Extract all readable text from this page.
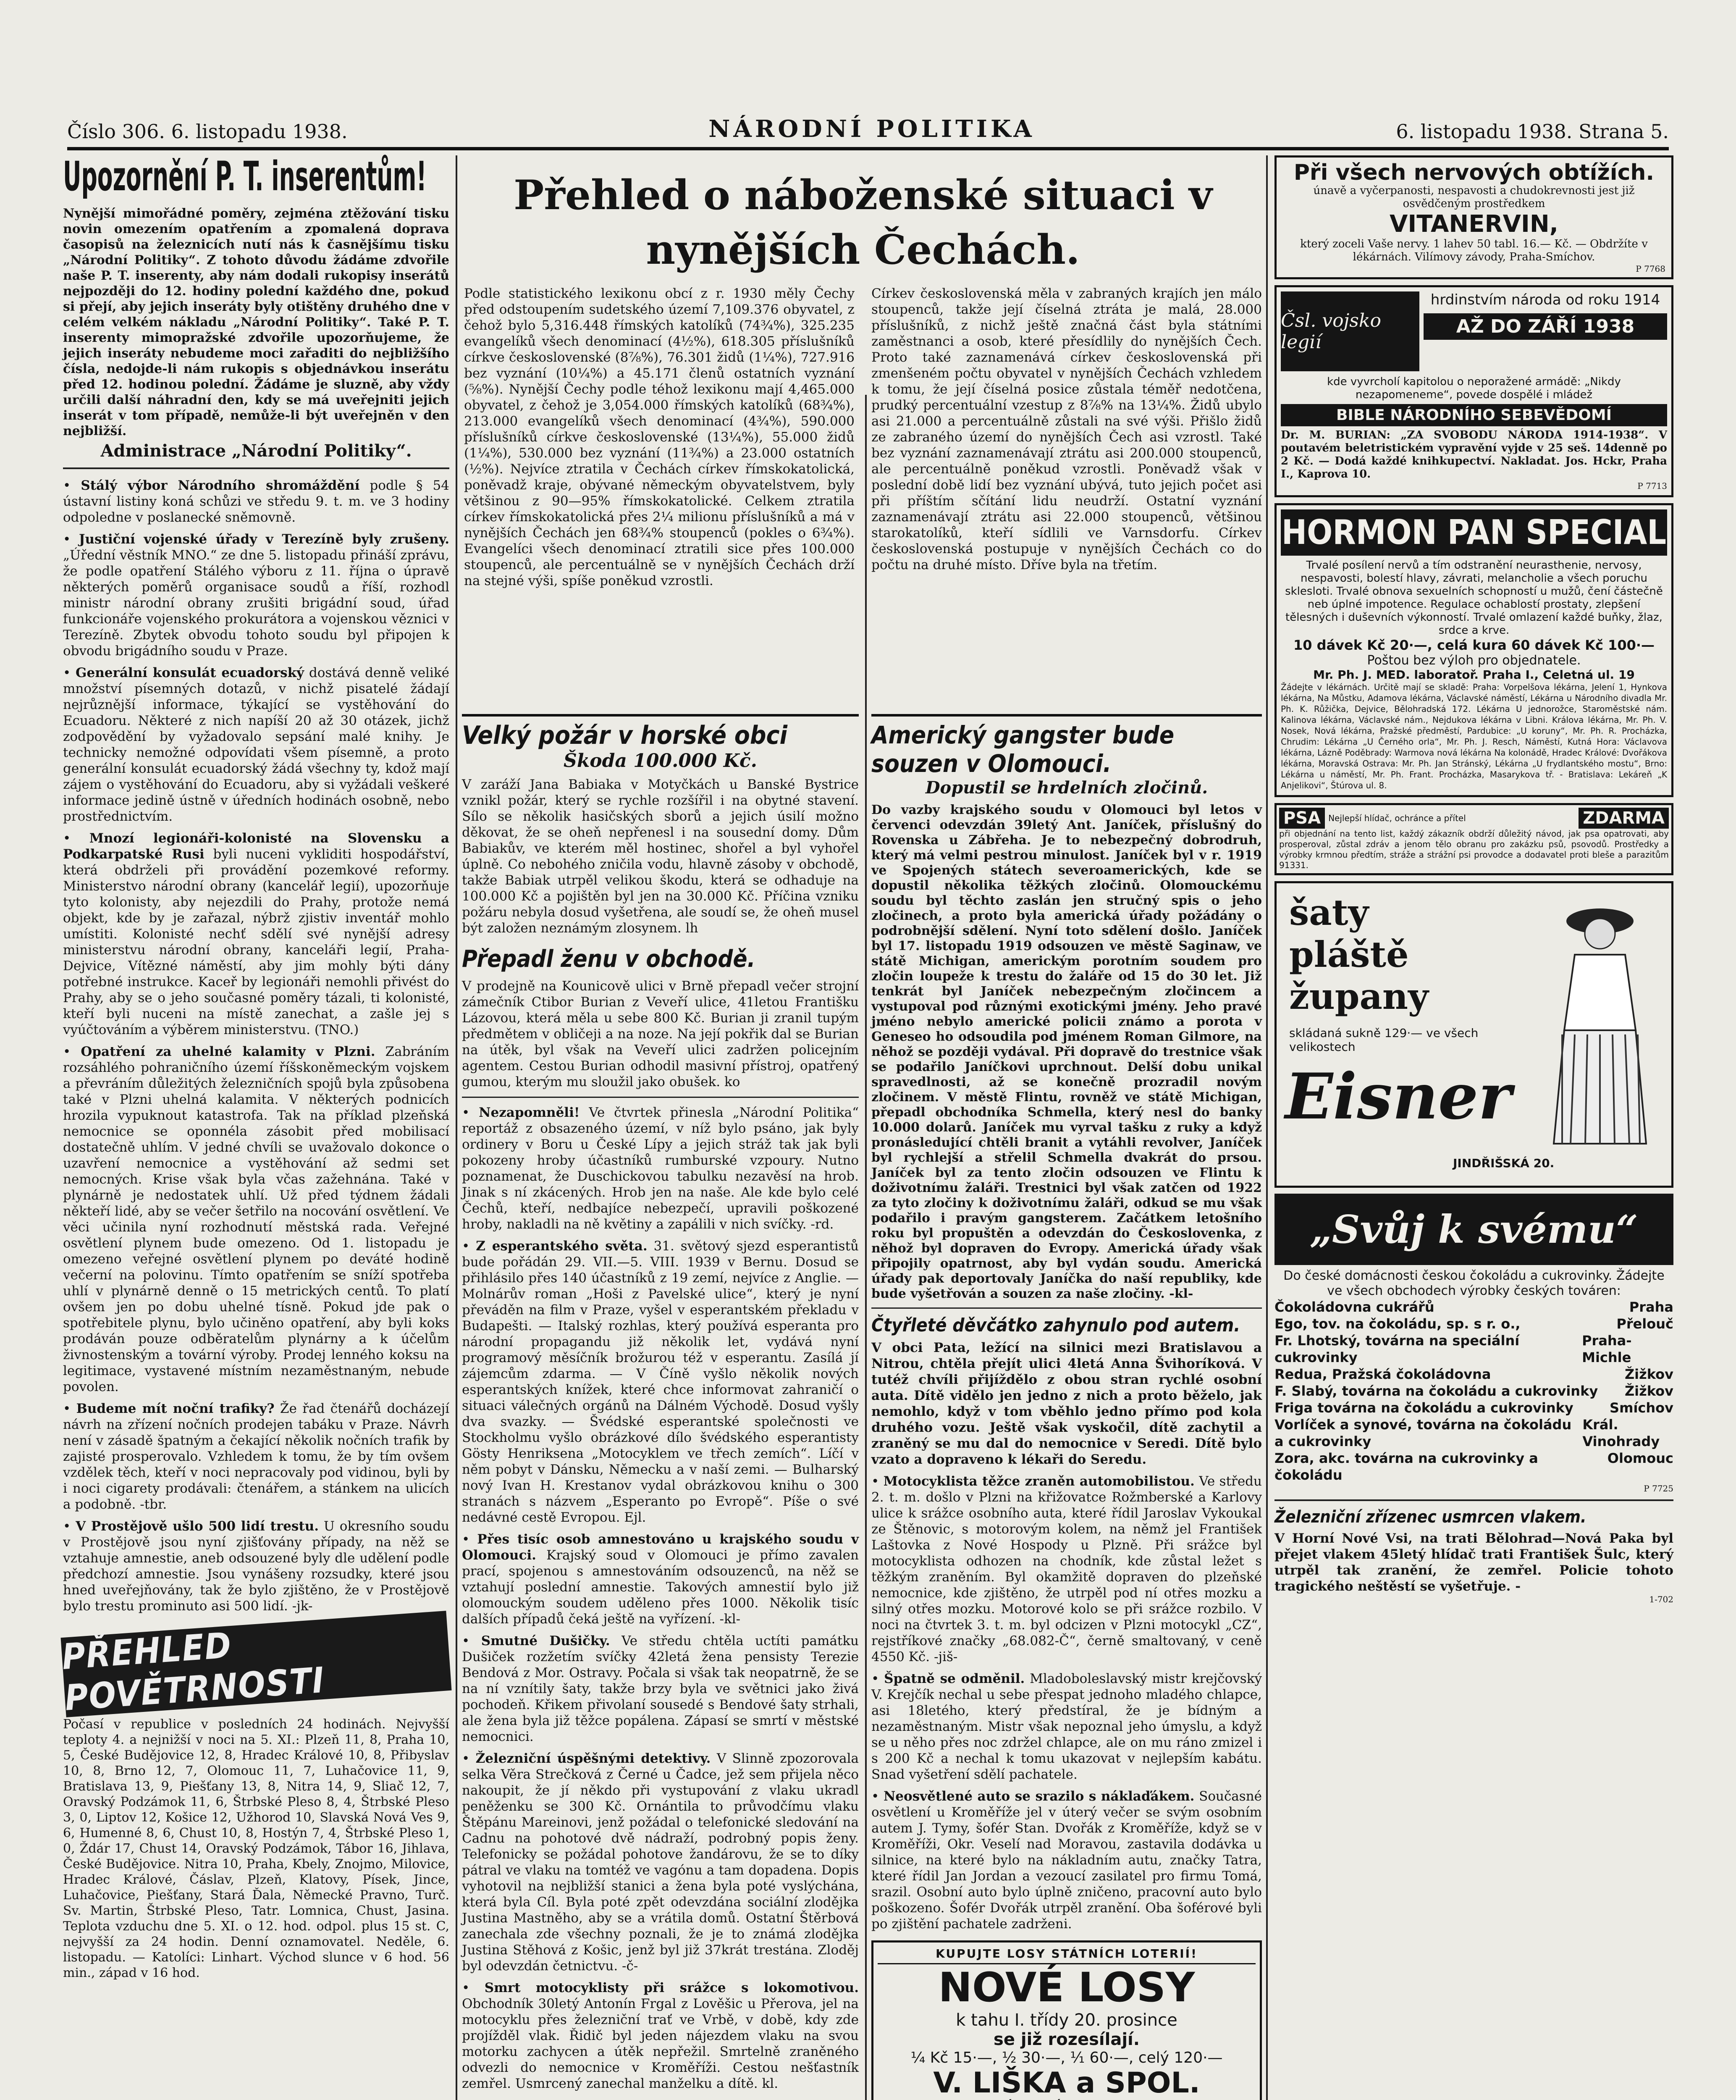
Číslo 306. 6. listopadu 1938.	NÁRODNÍ POLITIKA	6. listopadu 1938. Strana 5.
Upozornění P. T. inserentům!

Nynější mimořádné poměry, zejména ztěžování tisku novin omezením opatřením a zpomalená doprava časopisů na železnicích nutí nás k časnějšímu tisku „Národní Politiky“. Z tohoto důvodu žádáme zdvořile naše P. T. inserenty, aby nám dodali rukopisy inserátů nejpozději do 12. hodiny polední každého dne, pokud si přejí, aby jejich inseráty byly otištěny druhého dne v celém velkém nákladu „Národní Politiky“. Také P. T. inserenty mimopražské zdvořile upozorňujeme, že jejich inseráty nebudeme moci zařaditi do nejbližšího čísla, nedojde-li nám rukopis s objednávkou inserátu před 12. hodinou polední. Žádáme je sluzně, aby vždy určili další náhradní den, kdy se má uveřejniti jejich inserát v tom případě, nemůže-li být uveřejněn v den nejbližší.

Administrace „Národní Politiky“.

• Stálý výbor Národního shromáždění podle § 54 ústavní listiny koná schůzi ve středu 9. t. m. ve 3 hodiny odpoledne v poslanecké sněmovně.

• Justiční vojenské úřady v Terezíně byly zrušeny. „Úřední věstník MNO.“ ze dne 5. listopadu přináší zprávu, že podle opatření Stálého výboru z 11. října o úpravě některých poměrů organisace soudů a říší, rozhodl ministr národní obrany zrušiti brigádní soud, úřad funkcionáře vojenského prokurátora a vojenskou věznici v Terezíně. Zbytek obvodu tohoto soudu byl připojen k obvodu brigádního soudu v Praze.

• Generální konsulát ecuadorský dostává denně veliké množství písemných dotazů, v nichž pisatelé žádají nejrůznější informace, týkající se vystěhování do Ecuadoru. Některé z nich napíší 20 až 30 otázek, jichž zodpovědění by vyžadovalo sepsání malé knihy. Je technicky nemožné odpovídati všem písemně, a proto generální konsulát ecuadorský žádá všechny ty, kdož mají zájem o vystěhování do Ecuadoru, aby si vyžádali veškeré informace jedině ústně v úředních hodinách osobně, nebo prostřednictvím.

• Mnozí legionáři-kolonisté na Slovensku a Podkarpatské Rusi byli nuceni vykliditi hospodářství, která obdrželi při provádění pozemkové reformy. Ministerstvo národní obrany (kancelář legií), upozorňuje tyto kolonisty, aby nejezdili do Prahy, protože nemá objekt, kde by je zařazal, nýbrž zjistiv inventář mohlo umístiti. Kolonisté nechť sdělí své nynější adresy ministerstvu národní obrany, kanceláři legií, Praha-Dejvice, Vítězné náměstí, aby jim mohly býti dány potřebné instrukce. Kaceř by legionáři nemohli přivést do Prahy, aby se o jeho současné poměry tázali, ti kolonisté, kteří byli nuceni na místě zanechat, a zašle jej s vyúčtováním a výběrem ministerstvu. (TNO.)

• Opatření za uhelné kalamity v Plzni. Zabráním rozsáhlého pohraničního území říšskoněmeckým vojskem a převráním důležitých železničních spojů byla způsobena také v Plzni uhelná kalamita. V některých podnicích hrozila vypuknout katastrofa. Tak na příklad plzeňská nemocnice se oponnéla zásobit před mobilisací dostatečně uhlím. V jedné chvíli se uvažovalo dokonce o uzavření nemocnice a vystěhování až sedmi set nemocných. Krise však byla včas zažehnána. Také v plynárně je nedostatek uhlí. Už před týdnem žádali někteří lidé, aby se večer šetřilo na nocování osvětlení. Ve věci učinila nyní rozhodnutí městská rada. Veřejné osvětlení plynem bude omezeno. Od 1. listopadu je omezeno veřejné osvětlení plynem po deváté hodině večerní na polovinu. Tímto opatřením se sníží spotřeba uhlí v plynárně denně o 15 metrických centů. To platí ovšem jen po dobu uhelné tísně. Pokud jde pak o spotřebitele plynu, bylo učiněno opatření, aby byli koks prodáván pouze odběratelům plynárny a k účelům živnostenským a tovární výroby. Prodej lenného koksu na legitimace, vystavené místním nezaměstnaným, nebude povolen.

• Budeme mít noční trafiky? Že řad čtenářů docházejí návrh na zřízení nočních prodejen tabáku v Praze. Návrh není v zásadě špatným a čekající několik nočních trafik by zajisté prosperovalo. Vzhledem k tomu, že by tím ovšem vzdělek těch, kteří v noci nepracovaly pod vidinou, byli by i noci cigarety prodávali: čtenářem, a stánkem na ulicích a podobně. -tbr.

• V Prostějově ušlo 500 lidí trestu. U okresního soudu v Prostějově jsou nyní zjišťovány případy, na něž se vztahuje amnestie, aneb odsouzené byly dle udělení podle předchozí amnestie. Jsou vynášeny rozsudky, které jsou hned uveřejňovány, tak že bylo zjištěno, že v Prostějově bylo trestu prominuto asi 500 lidí. -jk-

PŘEHLED POVĚTRNOSTI

Počasí v republice v posledních 24 hodinách. Nejvyšší teploty 4. a nejnižší v noci na 5. XI.: Plzeň 11, 8, Praha 10, 5, České Budějovice 12, 8, Hradec Králové 10, 8, Přibyslav 10, 8, Brno 12, 7, Olomouc 11, 7, Luhačovice 11, 9, Bratislava 13, 9, Piešťany 13, 8, Nitra 14, 9, Sliač 12, 7, Oravský Podzámok 11, 6, Štrbské Pleso 8, 4, Štrbské Pleso 3, 0, Liptov 12, Košice 12, Užhorod 10, Slavská Nová Ves 9, 6, Humenné 8, 6, Chust 10, 8, Hostýn 7, 4, Štrbské Pleso 1, 0, Ždár 17, Chust 14, Oravský Podzámok, Tábor 16, Jihlava, České Budějovice. Nitra 10, Praha, Kbely, Znojmo, Milovice, Hradec Králové, Čáslav, Plzeň, Klatovy, Písek, Jince, Luhačovice, Piešťany, Stará Ďala, Německé Pravno, Turč. Sv. Martin, Štrbské Pleso, Tatr. Lomnica, Chust, Jasina. Teplota vzduchu dne 5. XI. o 12. hod. odpol. plus 15 st. C, nejvyšší za 24 hodin. Denní oznamovatel. Neděle, 6. listopadu. — Katolíci: Linhart. Východ slunce v 6 hod. 56 min., západ v 16 hod.

Přehled o náboženské situaci v nynějších Čechách.

Podle statistického lexikonu obcí z r. 1930 měly Čechy před odstoupením sudetského území 7,109.376 obyvatel, z čehož bylo 5,316.448 římských katolíků (74¾%), 325.235 evangelíků všech denominací (4½%), 618.305 příslušníků církve československé (8⅞%), 76.301 židů (1¼%), 727.916 bez vyznání (10¼%) a 45.171 členů ostatních vyznání (⅝%). Nynější Čechy podle téhož lexikonu mají 4,465.000 obyvatel, z čehož je 3,054.000 římských katolíků (68¾%), 213.000 evangelíků všech denominací (4¾%), 590.000 příslušníků církve československé (13¼%), 55.000 židů (1¼%), 530.000 bez vyznání (11¾%) a 23.000 ostatních (½%). Nejvíce ztratila v Čechách církev římskokatolická, poněvadž kraje, obývané německým obyvatelstvem, byly většinou z 90—95% římskokatolické. Celkem ztratila církev římskokatolická přes 2¼ milionu příslušníků a má v nynějších Čechách jen 68¾% stoupenců (pokles o 6¾%). Evangelíci všech denominací ztratili sice přes 100.000 stoupenců, ale percentuálně se v nynějších Čechách drží na stejné výši, spíše poněkud vzrostli.

Církev československá měla v zabraných krajích jen málo stoupenců, takže její číselná ztráta je malá, 28.000 příslušníků, z nichž ještě značná část byla státními zaměstnanci a osob, které přesídlily do nynějších Čech. Proto také zaznamenává církev československá při zmenšeném počtu obyvatel v nynějších Čechách vzhledem k tomu, že její číselná posice zůstala téměř nedotčena, prudký percentuální vzestup z 8⅞% na 13¼%. Židů ubylo asi 21.000 a percentuálně zůstali na své výši. Přišlo židů ze zabraného území do nynějších Čech asi vzrostl. Také bez vyznání zaznamenávají ztrátu asi 200.000 stoupenců, ale percentuálně poněkud vzrostli. Poněvadž však v poslední době lidí bez vyznání ubývá, tuto jejich počet asi při příštím sčítání lidu neudrží. Ostatní vyznání zaznamenávají ztrátu asi 22.000 stoupenců, většinou starokatolíků, kteří sídlili ve Varnsdorfu. Církev československá postupuje v nynějších Čechách co do počtu na druhé místo. Dříve byla na třetím.

Velký požár v horské obci
Škoda 100.000 Kč.

V zaráží Jana Babiaka v Motyčkách u Banské Bystrice vznikl požár, který se rychle rozšířil i na obytné stavení. Sílo se několik hasičských sborů a jejich úsilí možno děkovat, že se oheň nepřenesl i na sousední domy. Dům Babiakův, ve kterém měl hostinec, shořel a byl vyhořel úplně. Co nebohého zničila vodu, hlavně zásoby v obchodě, takže Babiak utrpěl velikou škodu, která se odhaduje na 100.000 Kč a pojištěn byl jen na 30.000 Kč. Příčina vzniku požáru nebyla dosud vyšetřena, ale soudí se, že oheň musel být založen neznámým zlosynem. lh

Přepadl ženu v obchodě.

V prodejně na Kounicově ulici v Brně přepadl večer strojní zámečník Ctibor Burian z Veveří ulice, 41letou Františku Lázovou, která měla u sebe 800 Kč. Burian ji zranil tupým předmětem v obličeji a na noze. Na její pokřik dal se Burian na útěk, byl však na Veveří ulici zadržen policejním agentem. Cestou Burian odhodil masivní přístroj, opatřený gumou, kterým mu sloužil jako obušek. ko

• Nezapomněli! Ve čtvrtek přinesla „Národní Politika“ reportáž z obsazeného území, v níž bylo psáno, jak byly ordinery v Boru u České Lípy a jejich stráž tak jak byli pokozeny hroby účastníků rumburské vzpoury. Nutno poznamenat, že Duschickovou tabulku nezavěsí na hrob. Jinak s ní zkácených. Hrob jen na naše. Ale kde bylo celé Čechů, kteří, nedbajíce nebezpečí, upravili poškozené hroby, nakladli na ně květiny a zapálili v nich svíčky. -rd.

• Z esperantského světa. 31. světový sjezd esperantistů bude pořádán 29. VII.—5. VIII. 1939 v Bernu. Dosud se přihlásilo přes 140 účastníků z 19 zemí, nejvíce z Anglie. — Molnárův roman „Hoši z Pavelské ulice“, který je nyní převáděn na film v Praze, vyšel v esperantském překladu v Budapešti. — Italský rozhlas, který používá esperanta pro národní propagandu již několik let, vydává nyní programový měsíčník brožurou též v esperantu. Zasílá jí zájemcům zdarma. — V Číně vyšlo několik nových esperantských knížek, které chce informovat zahraničí o situaci válečných orgánů na Dálném Východě. Dosud vyšly dva svazky. — Švédské esperantské společnosti ve Stockholmu vyšlo obrázkové dílo švédského esperantisty Gösty Henriksena „Motocyklem ve třech zemích“. Líčí v něm pobyt v Dánsku, Německu a v naší zemi. — Bulharský nový Ivan H. Krestanov vydal obrázkovou knihu o 300 stranách s názvem „Esperanto po Evropě“. Píše o své nedávné cestě Evropou. Ejl.

• Přes tisíc osob amnestováno u krajského soudu v Olomouci. Krajský soud v Olomouci je přímo zavalen prací, spojenou s amnestováním odsouzenců, na něž se vztahují poslední amnestie. Takových amnestií bylo již olomouckým soudem uděleno přes 1000. Několik tisíc dalších případů čeká ještě na vyřízení. -kl-

• Smutné Dušičky. Ve středu chtěla uctíti památku Dušiček rozžetím svíčky 42letá žena pensisty Terezie Bendová z Mor. Ostravy. Počala si však tak neopatrně, že se na ní vznítily šaty, takže brzy byla ve světnici jako živá pochodeň. Křikem přivolaní sousedé s Bendové šaty strhali, ale žena byla již těžce popálena. Zápasí se smrtí v městské nemocnici.

• Železniční úspěšnými detektivy. V Slinně zpozorovala selka Věra Strečková z Černé u Čadce, jež sem přijela něco nakoupit, že jí někdo při vystupování z vlaku ukradl peněženku se 300 Kč. Ornántila to průvodčímu vlaku Štěpánu Mareinovi, jenž požádal o telefonické sledování na Cadnu na pohotové dvě nádraží, podrobný popis ženy. Telefonicky se požádal pohotove žandárovu, že se to díky pátral ve vlaku na tomtéž ve vagónu a tam dopadena. Dopis vyhotovil na nejbližší stanici a žena byla poté vyslýchána, která byla Cíl. Byla poté zpět odevzdána sociální zlodějka Justina Mastněho, aby se a vrátila domů. Ostatní Štěrbová zanechala zde všechny poznali, že je to známá zlodějka Justina Stěhová z Košic, jenž byl již 37krát trestána. Zloděj byl odevzdán četnictvu. -č-

• Smrt motocyklisty při srážce s lokomotivou. Obchodník 30letý Antonín Frgal z Lověšic u Přerova, jel na motocyklu přes železniční trať ve Vrbě, v době, kdy zde projížděl vlak. Řidič byl jeden nájezdem vlaku na svou motorku zachycen a útěk nepřežil. Smrtelně zraněného odvezli do nemocnice v Kroměříži. Cestou nešťastník zemřel. Usmrcený zanechal manželku a dítě. kl.

Americký gangster bude souzen v Olomouci.
Dopustil se hrdelních zločinů.

Do vazby krajského soudu v Olomouci byl letos v červenci odevzdán 39letý Ant. Janíček, příslušný do Rovenska u Zábřeha. Je to nebezpečný dobrodruh, který má velmi pestrou minulost. Janíček byl v r. 1919 ve Spojených státech severoamerických, kde se dopustil několika těžkých zločinů. Olomouckému soudu byl těchto zaslán jen stručný spis o jeho zločinech, a proto byla americká úřady požádány o podrobnější sdělení. Nyní toto sdělení došlo. Janíček byl 17. listopadu 1919 odsouzen ve městě Saginaw, ve státě Michigan, americkým porotním soudem pro zločin loupeže k trestu do žaláře od 15 do 30 let. Již tenkrát byl Janíček nebezpečným zločincem a vystupoval pod různými exotickými jmény. Jeho pravé jméno nebylo americké policii známo a porota v Geneseo ho odsoudila pod jménem Roman Gilmore, na něhož se později vydával. Při dopravě do trestnice však se podařilo Janíčkovi uprchnout. Delší dobu unikal spravedlnosti, až se konečně prozradil novým zločinem. V městě Flintu, rovněž ve státě Michigan, přepadl obchodníka Schmella, který nesl do banky 10.000 dolarů. Janíček mu vyrval tašku z ruky a když pronásledující chtěli branit a vytáhli revolver, Janíček byl rychlejší a střelil Schmella dvakrát do prsou. Janíček byl za tento zločin odsouzen ve Flintu k doživotnímu žaláři. Trestnici byl však zatčen od 1922 za tyto zločiny k doživotnímu žaláři, odkud se mu však podařilo i pravým gangsterem. Začátkem letošního roku byl propuštěn a odevzdán do Českoslovenka, z něhož byl dopraven do Evropy. Americká úřady však připojily opatrnost, aby byl vydán soudu. Americká úřady pak deportovaly Janíčka do naší republiky, kde bude vyšetřován a souzen za naše zločiny. -kl-

Čtyřleté děvčátko zahynulo pod autem.

V obci Pata, ležící na silnici mezi Bratislavou a Nitrou, chtěla přejít ulici 4letá Anna Švihoríková. V tutéž chvíli přijíždělo z obou stran rychlé osobní auta. Dítě vidělo jen jedno z nich a proto běželo, jak nemohlo, když v tom vběhlo jedno přímo pod kola druhého vozu. Ještě však vyskočil, dítě zachytil a zraněný se mu dal do nemocnice v Seredi. Dítě bylo vzato a dopraveno k lékaři do Seredu.

• Motocyklista těžce zraněn automobilistou. Ve středu 2. t. m. došlo v Plzni na křižovatce Rožmberské a Karlovy ulice k srážce osobního auta, které řídil Jaroslav Vykoukal ze Štěnovic, s motorovým kolem, na němž jel František Laštovka z Nové Hospody u Plzně. Při srážce byl motocyklista odhozen na chodník, kde zůstal ležet s těžkým zraněním. Byl okamžitě dopraven do plzeňské nemocnice, kde zjištěno, že utrpěl pod ní otřes mozku a silný otřes mozku. Motorové kolo se při srážce rozbilo. V noci na čtvrtek 3. t. m. byl odcizen v Plzni motocykl „CZ“, rejstříkové značky „68.082-Č“, černě smaltovaný, v ceně 4550 Kč. -jiš-

• Špatně se odměnil. Mladoboleslavský mistr krejčovský V. Krejčík nechal u sebe přespat jednoho mladého chlapce, asi 18letého, který předstíral, že je bídným a nezaměstnaným. Mistr však nepoznal jeho úmyslu, a když se u něho přes noc zdržel chlapce, ale on mu ráno zmizel i s 200 Kč a nechal k tomu ukazovat v nejlepším kabátu. Snad vyšetření sdělí pachatele.

• Neosvětlené auto se srazilo s náklaďákem. Současné osvětlení u Kroměříže jel v úterý večer se svým osobním autem J. Tymy, šofér Stan. Dvořák z Kroměříže, když se v Kroměříži, Okr. Veselí nad Moravou, zastavila dodávka u silnice, na které bylo na nákladním autu, značky Tatra, které řídil Jan Jordan a vezoucí zasilatel pro firmu Tomá, srazil. Osobní auto bylo úplně zničeno, pracovní auto bylo poškozeno. Šofér Dvořák utrpěl zranění. Oba šoférové byli po zjištění pachatele zadrženi.

KUPUJTE LOSY STÁTNÍCH LOTERIÍ!
NOVÉ LOSY
k tahu I. třídy 20. prosince
se již rozesílají.
¼ Kč 15·—, ½ 30·—, ¹⁄₁ 60·—, celý 120·—
V. LIŠKA a SPOL.
Při všech nervových obtížích.

únavě a vyčerpanosti, nespavosti a chudokrevnosti jest již osvědčeným prostředkem

VITANERVIN,

který zoceli Vaše nervy. 1 lahev 50 tabl. 16.— Kč. — Obdržíte v lékárnách. Vilímovy závody, Praha-Smíchov.

P 7768
Čsl. vojsko legií
hrdinstvím národa od roku 1914
AŽ DO ZÁŘÍ 1938

kde vyvrcholí kapitolou o neporažené armádě: „Nikdy nezapomeneme“, povede dospělé i mládež

BIBLE NÁRODNÍHO SEBEVĚDOMÍ

Dr. M. BURIAN: „ZA SVOBODU NÁRODA 1914-1938“. V poutavém beletristickém vypravění vyjde v 25 seš. 14denně po 2 Kč. — Dodá každé knihkupectví. Nakladat. Jos. Hckr, Praha I., Kaprova 10.

P 7713
HORMON PAN SPECIAL

Trvalé posílení nervů a tím odstranění neurasthenie, nervosy, nespavosti, bolestí hlavy, závrati, melancholie a všech poruchu sklesloti. Trvalé obnova sexuelních schopností u mužů, čení částečně neb úplné impotence. Regulace ochablostí prostaty, zlepšení tělesných i duševních výkonností. Trvalé omlazení každé buňky, žlaz, srdce a krve.

10 dávek Kč 20·—, celá kura 60 dávek Kč 100·—
Poštou bez výloh pro objednatele.
Mr. Ph. J. MED. laboratoř. Praha I., Celetná ul. 19

Žádejte v lékárnách. Určitě mají se skladě: Praha: Vorpelšova lékárna, Jelení 1, Hynkova lékárna, Na Můstku, Adamova lékárna, Václavské náměstí, Lékárna u Národního divadla Mr. Ph. K. Růžička, Dejvice, Bělohradská 172. Lékárna U jednorožce, Staroměstské nám. Kalinova lékárna, Václavské nám., Nejdukova lékárna v Libni. Králova lékárna, Mr. Ph. V. Nosek, Nová lékárna, Pražské předměstí, Pardubice: „U koruny“, Mr. Ph. R. Procházka, Chrudim: Lékárna „U Černého orla“, Mr. Ph. J. Resch, Náměstí, Kutná Hora: Václavova lékárna, Lázně Poděbrady: Warmova nová lékárna Na kolonádě, Hradec Králové: Dvořákova lékárna, Moravská Ostrava: Mr. Ph. Jan Stránský, Lékárna „U frydlantského mostu“, Brno: Lékárna u náměstí, Mr. Ph. Frant. Procházka, Masarykova tř. - Bratislava: Lekáreň „K Anjelikovi“, Štúrova ul. 8.

PSA Nejlepší hlídač, ochránce a přítel	ZDARMA

při objednání na tento list, každý zákazník obdrží důležitý návod, jak psa opatrovati, aby prosperoval, zůstal zdráv a jenom tělo obranu pro zakázku psů, psovodů. Prostředky a výrobky krmnou předtím, stráže a strážní psi provodce a dodavatel proti bleše a parazitům 91331.

šaty
pláště
župany
skládaná sukně 129·— ve všech velikostech
Eisner
JINDŘIŠSKÁ 20.
„Svůj k svému“

Do české domácnosti českou čokoládu a cukrovinky. Žádejte ve všech obchodech výrobky českých továren:

Čokoládovna cukrářů	Praha
Ego, tov. na čokoládu, sp. s r. o.,	Přelouč
Fr. Lhotský, továrna na speciální cukrovinky
Praha-Michle
Redua, Pražská čokoládovna	Žižkov
F. Slabý, továrna na čokoládu a cukrovinky Žižkov
Friga továrna na čokoládu a cukrovinky	Smíchov
Vorlíček a synové, továrna na čokoládu a cukrovinky
Král. Vinohrady
Zora, akc. továrna na cukrovinky a čokoládu
Olomouc
P 7725
Železniční zřízenec usmrcen vlakem.

V Horní Nové Vsi, na trati Bělohrad—Nová Paka byl přejet vlakem 45letý hlídač trati František Šulc, který utrpěl tak zranění, že zemřel. Policie tohoto tragického neštěstí se vyšetřuje. -

1-702
